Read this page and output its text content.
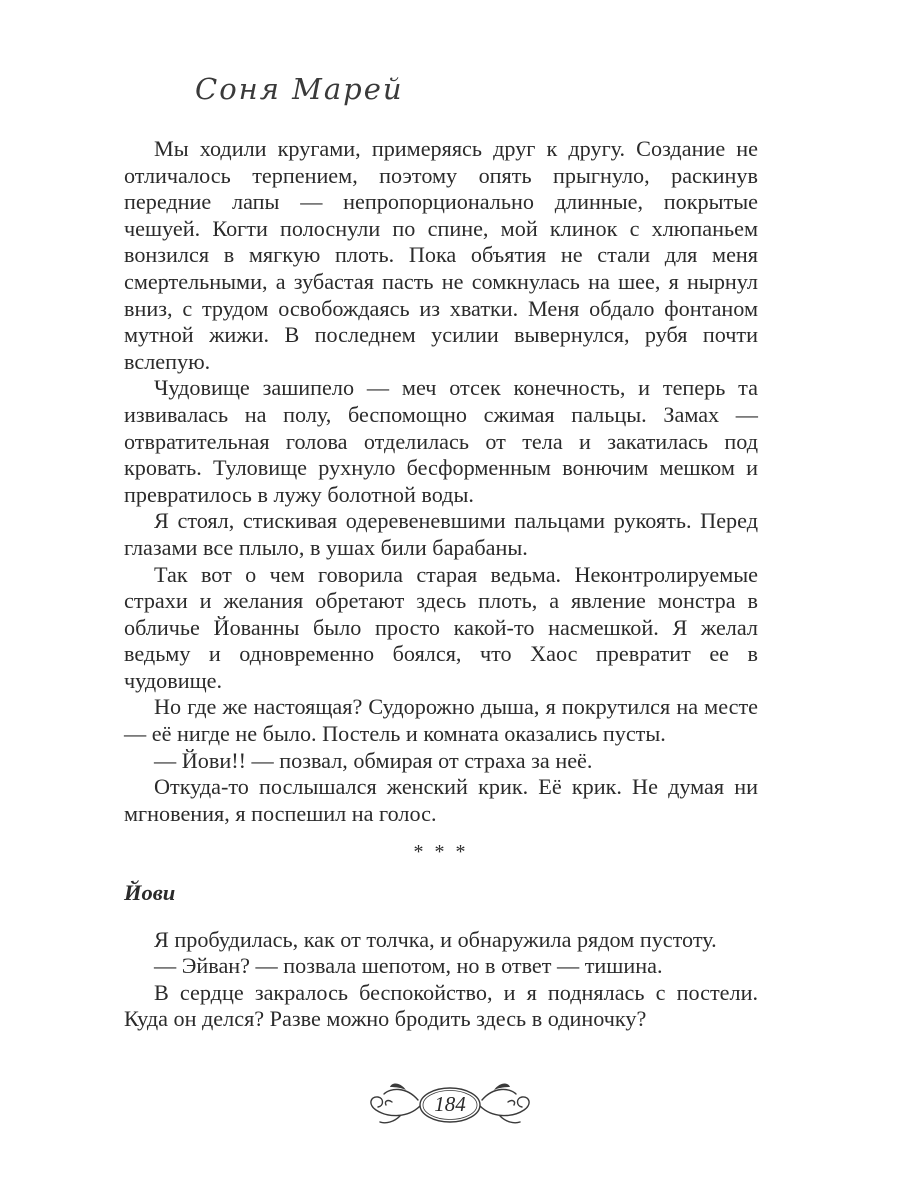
Соня Марей

Мы ходили кругами, примеряясь друг к другу. Создание не отличалось терпением, поэтому опять прыгнуло, раскинув передние лапы — непропорционально длинные, покрытые чешуей. Когти полоснули по спине, мой клинок с хлюпаньем вонзился в мягкую плоть. Пока объятия не стали для меня смертельными, а зубастая пасть не сомкнулась на шее, я нырнул вниз, с трудом освобождаясь из хватки. Меня обдало фонтаном мутной жижи. В последнем усилии вывернулся, рубя почти вслепую.

Чудовище зашипело — меч отсек конечность, и теперь та извивалась на полу, беспомощно сжимая пальцы. Замах — отвратительная голова отделилась от тела и закатилась под кровать. Туловище рухнуло бесформенным вонючим мешком и превратилось в лужу болотной воды.

Я стоял, стискивая одеревеневшими пальцами рукоять. Перед глазами все плыло, в ушах били барабаны.

Так вот о чем говорила старая ведьма. Неконтролируемые страхи и желания обретают здесь плоть, а явление монстра в обличье Йованны было просто какой-то насмешкой. Я желал ведьму и одновременно боялся, что Хаос превратит ее в чудовище.

Но где же настоящая? Судорожно дыша, я покрутился на месте — её нигде не было. Постель и комната оказались пусты.

— Йови!! — позвал, обмирая от страха за неё.

Откуда-то послышался женский крик. Её крик. Не думая ни мгновения, я поспешил на голос.

* * *
Йови

Я пробудилась, как от толчка, и обнаружила рядом пустоту.

— Эйван? — позвала шепотом, но в ответ — тишина.

В сердце закралось беспокойство, и я поднялась с постели. Куда он делся? Разве можно бродить здесь в одиночку?

184
